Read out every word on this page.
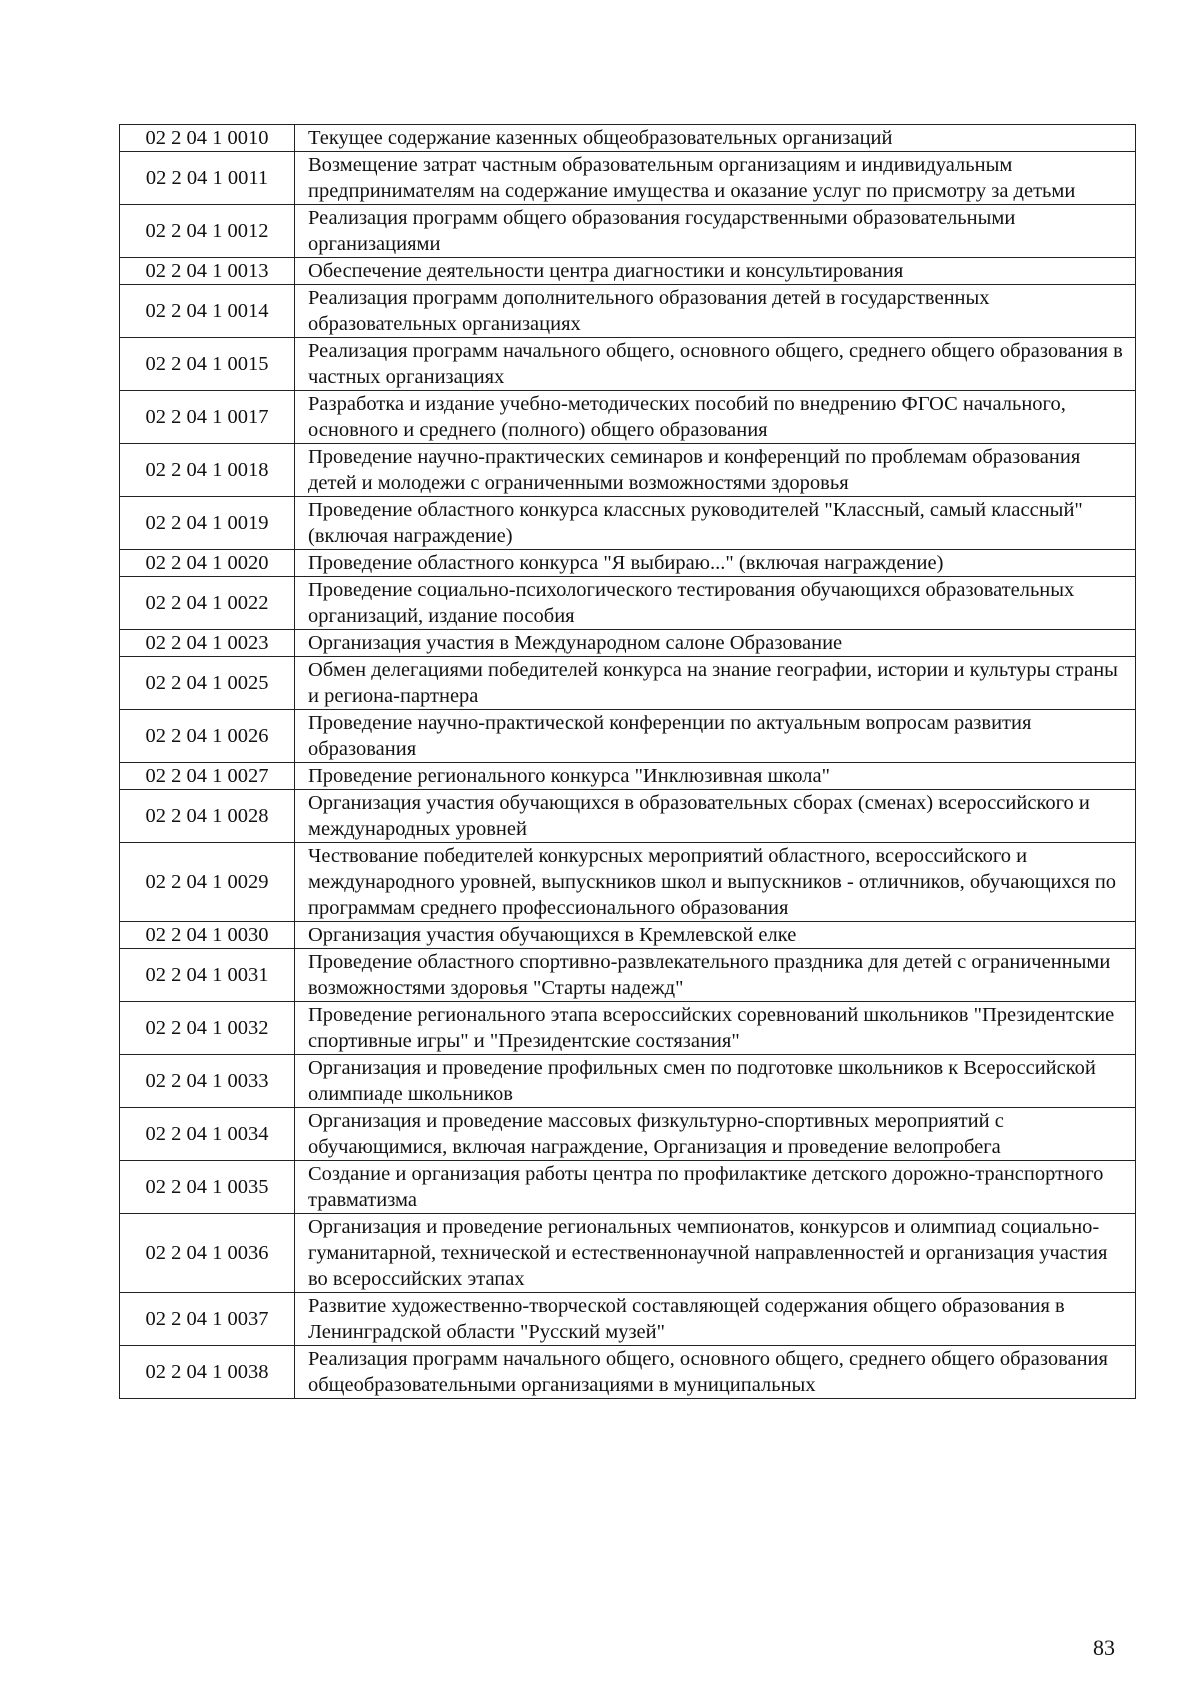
02 2 04 1 0010	Текущее содержание казенных общеобразовательных организаций
02 2 04 1 0011	Возмещение затрат частным образовательным организациям и индивидуальным предпринимателям на содержание имущества и оказание услуг по присмотру за детьми
02 2 04 1 0012	Реализация программ общего образования государственными образовательными организациями
02 2 04 1 0013	Обеспечение деятельности центра диагностики и консультирования
02 2 04 1 0014	Реализация программ дополнительного образования детей в государственных образовательных организациях
02 2 04 1 0015	Реализация программ начального общего, основного общего, среднего общего образования в частных организациях
02 2 04 1 0017	Разработка и издание учебно-методических пособий по внедрению ФГОС начального, основного и среднего (полного) общего образования
02 2 04 1 0018	Проведение научно-практических семинаров и конференций по проблемам образования детей и молодежи с ограниченными возможностями здоровья
02 2 04 1 0019	Проведение областного конкурса классных руководителей "Классный, самый классный" (включая награждение)
02 2 04 1 0020	Проведение областного конкурса "Я выбираю..." (включая награждение)
02 2 04 1 0022	Проведение социально-психологического тестирования обучающихся образовательных организаций, издание пособия
02 2 04 1 0023	Организация участия в Международном салоне Образование
02 2 04 1 0025	Обмен делегациями победителей конкурса на знание географии, истории и культуры страны и региона-партнера
02 2 04 1 0026	Проведение научно-практической конференции по актуальным вопросам развития образования
02 2 04 1 0027	Проведение регионального конкурса "Инклюзивная школа"
02 2 04 1 0028	Организация участия обучающихся в образовательных сборах (сменах) всероссийского и международных уровней
02 2 04 1 0029	Чествование победителей конкурсных мероприятий областного, всероссийского и международного уровней, выпускников школ и выпускников - отличников, обучающихся по программам среднего профессионального образования
02 2 04 1 0030	Организация участия обучающихся в Кремлевской елке
02 2 04 1 0031	Проведение областного спортивно-развлекательного праздника для детей с ограниченными возможностями здоровья "Старты надежд"
02 2 04 1 0032	Проведение регионального этапа всероссийских соревнований школьников "Президентские спортивные игры" и "Президентские состязания"
02 2 04 1 0033	Организация и проведение профильных смен по подготовке школьников к Всероссийской олимпиаде школьников
02 2 04 1 0034	Организация и проведение массовых физкультурно-спортивных мероприятий с обучающимися, включая награждение, Организация и проведение велопробега
02 2 04 1 0035	Создание и организация работы центра по профилактике детского дорожно-транспортного травматизма
02 2 04 1 0036	Организация и проведение региональных чемпионатов, конкурсов и олимпиад социально-гуманитарной, технической и естественнонаучной направленностей и организация участия во всероссийских этапах
02 2 04 1 0037	Развитие художественно-творческой составляющей содержания общего образования в Ленинградской области "Русский музей"
02 2 04 1 0038	Реализация программ начального общего, основного общего, среднего общего образования общеобразовательными организациями в муниципальных
83
